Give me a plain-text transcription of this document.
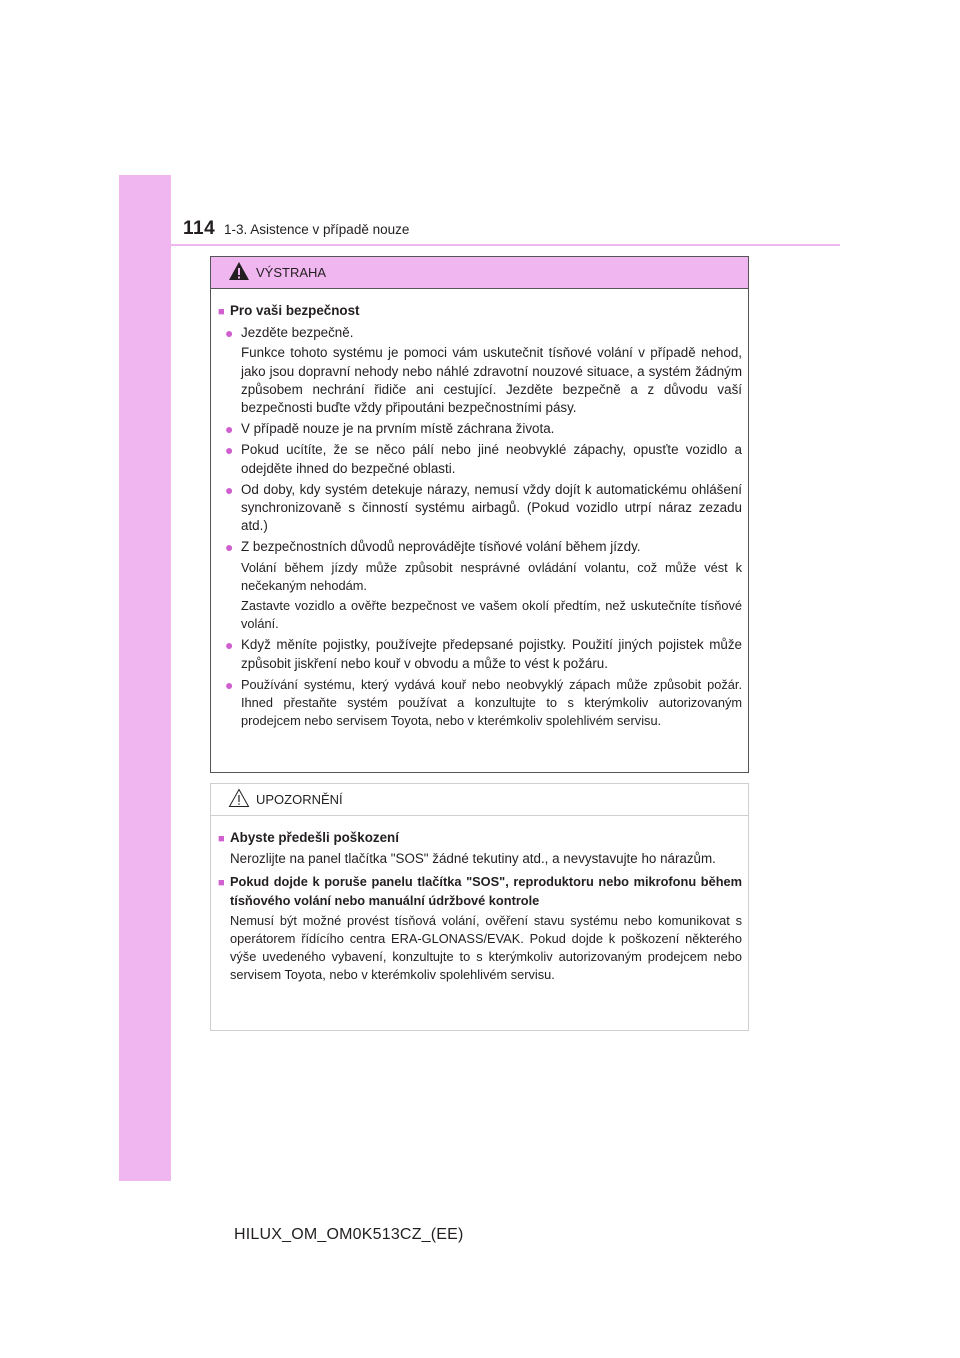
114 1-3. Asistence v případě nouze
VÝSTRAHA
■ Pro vaši bezpečnost
● Jezděte bezpečně.
Funkce tohoto systému je pomoci vám uskutečnit tísňové volání v případě nehod, jako jsou dopravní nehody nebo náhlé zdravotní nouzové situace, a systém žádným způsobem nechrání řidiče ani cestující. Jezděte bezpečně a z důvodu vaší bezpečnosti buďte vždy připoutáni bezpečnostními pásy.
● V případě nouze je na prvním místě záchrana života.
● Pokud ucítíte, že se něco pálí nebo jiné neobvyklé zápachy, opusťte vozidlo a odejděte ihned do bezpečné oblasti.
● Od doby, kdy systém detekuje nárazy, nemusí vždy dojít k automatickému ohlášení synchronizovaně s činností systému airbagů. (Pokud vozidlo utrpí náraz zezadu atd.)
● Z bezpečnostních důvodů neprovádějte tísňové volání během jízdy.
Volání během jízdy může způsobit nesprávné ovládání volantu, což může vést k nečekaným nehodám.
Zastavte vozidlo a ověřte bezpečnost ve vašem okolí předtím, než uskutečníte tísňové volání.
● Když měníte pojistky, používejte předepsané pojistky. Použití jiných pojistek může způsobit jiskření nebo kouř v obvodu a může to vést k požáru.
● Používání systému, který vydává kouř nebo neobvyklý zápach může způsobit požár. Ihned přestaňte systém používat a konzultujte to s kterýmkoliv autorizovaným prodejcem nebo servisem Toyota, nebo v kterémkoliv spolehlivém servisu.
UPOZORNĚNÍ
■ Abyste předešli poškození
Nerozlijte na panel tlačítka "SOS" žádné tekutiny atd., a nevystavujte ho nárazům.
■ Pokud dojde k poruše panelu tlačítka "SOS", reproduktoru nebo mikrofonu během tísňového volání nebo manuální údržbové kontrole
Nemusí být možné provést tísňová volání, ověření stavu systému nebo komunikovat s operátorem řídícího centra ERA-GLONASS/EVAK. Pokud dojde k poškození některého výše uvedeného vybavení, konzultujte to s kterýmkoliv autorizovaným prodejcem nebo servisem Toyota, nebo v kterémkoliv spolehlivém servisu.
HILUX_OM_OM0K513CZ_(EE)
